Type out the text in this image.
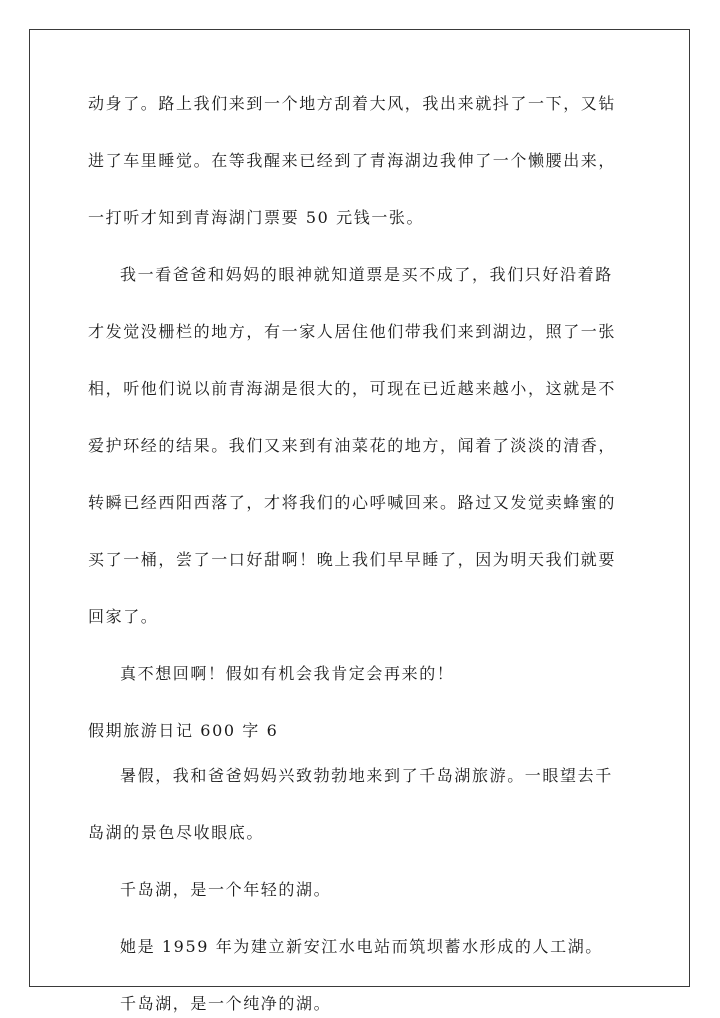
动身了。路上我们来到一个地方刮着大风，我出来就抖了一下，又钻
进了车里睡觉。在等我醒来已经到了青海湖边我伸了一个懒腰出来，
一打听才知到青海湖门票要 50 元钱一张。
我一看爸爸和妈妈的眼神就知道票是买不成了，我们只好沿着路
才发觉没栅栏的地方，有一家人居住他们带我们来到湖边，照了一张
相，听他们说以前青海湖是很大的，可现在已近越来越小，这就是不
爱护环经的结果。我们又来到有油菜花的地方，闻着了淡淡的清香，
转瞬已经西阳西落了，才将我们的心呼喊回来。路过又发觉卖蜂蜜的
买了一桶，尝了一口好甜啊！晚上我们早早睡了，因为明天我们就要
回家了。
真不想回啊！假如有机会我肯定会再来的！
假期旅游日记 600 字 6
暑假，我和爸爸妈妈兴致勃勃地来到了千岛湖旅游。一眼望去千
岛湖的景色尽收眼底。
千岛湖，是一个年轻的湖。
她是 1959 年为建立新安江水电站而筑坝蓄水形成的人工湖。
千岛湖，是一个纯净的湖。
